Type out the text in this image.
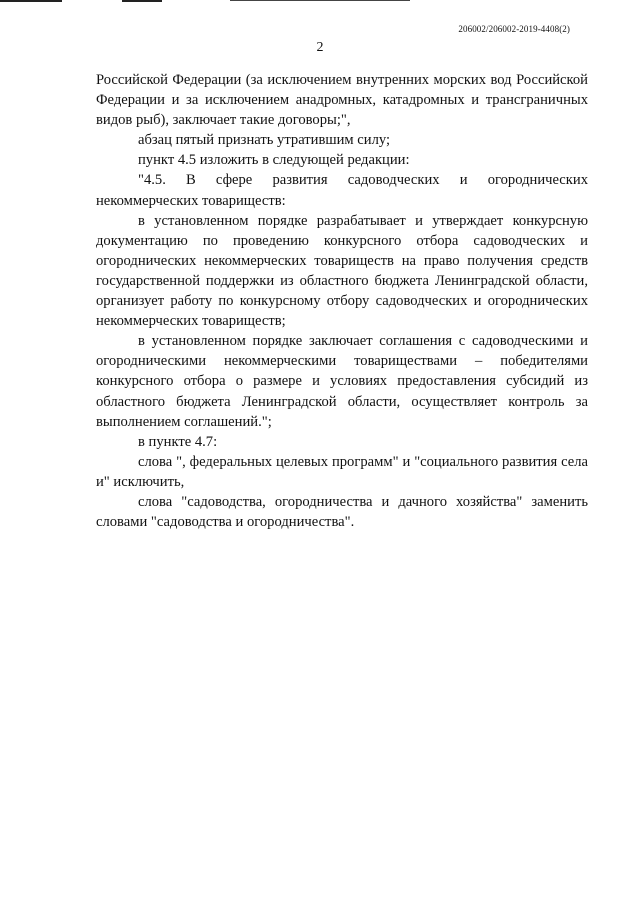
206002/206002-2019-4408(2)
2

Российской Федерации (за исключением внутренних морских вод Российской Федерации и за исключением анадромных, катадромных и трансграничных видов рыб), заключает такие договоры;",

абзац пятый признать утратившим силу;

пункт 4.5 изложить в следующей редакции:

"4.5. В сфере развития садоводческих и огороднических некоммерческих товариществ:

в установленном порядке разрабатывает и утверждает конкурсную документацию по проведению конкурсного отбора садоводческих и огороднических некоммерческих товариществ на право получения средств государственной поддержки из областного бюджета Ленинградской области, организует работу по конкурсному отбору садоводческих и огороднических некоммерческих товариществ;

в установленном порядке заключает соглашения с садоводческими и огородническими некоммерческими товариществами – победителями конкурсного отбора о размере и условиях предоставления субсидий из областного бюджета Ленинградской области, осуществляет контроль за выполнением соглашений.";

в пункте 4.7:

слова ", федеральных целевых программ" и "социального развития села и" исключить,

слова "садоводства, огородничества и дачного хозяйства" заменить словами "садоводства и огородничества".
